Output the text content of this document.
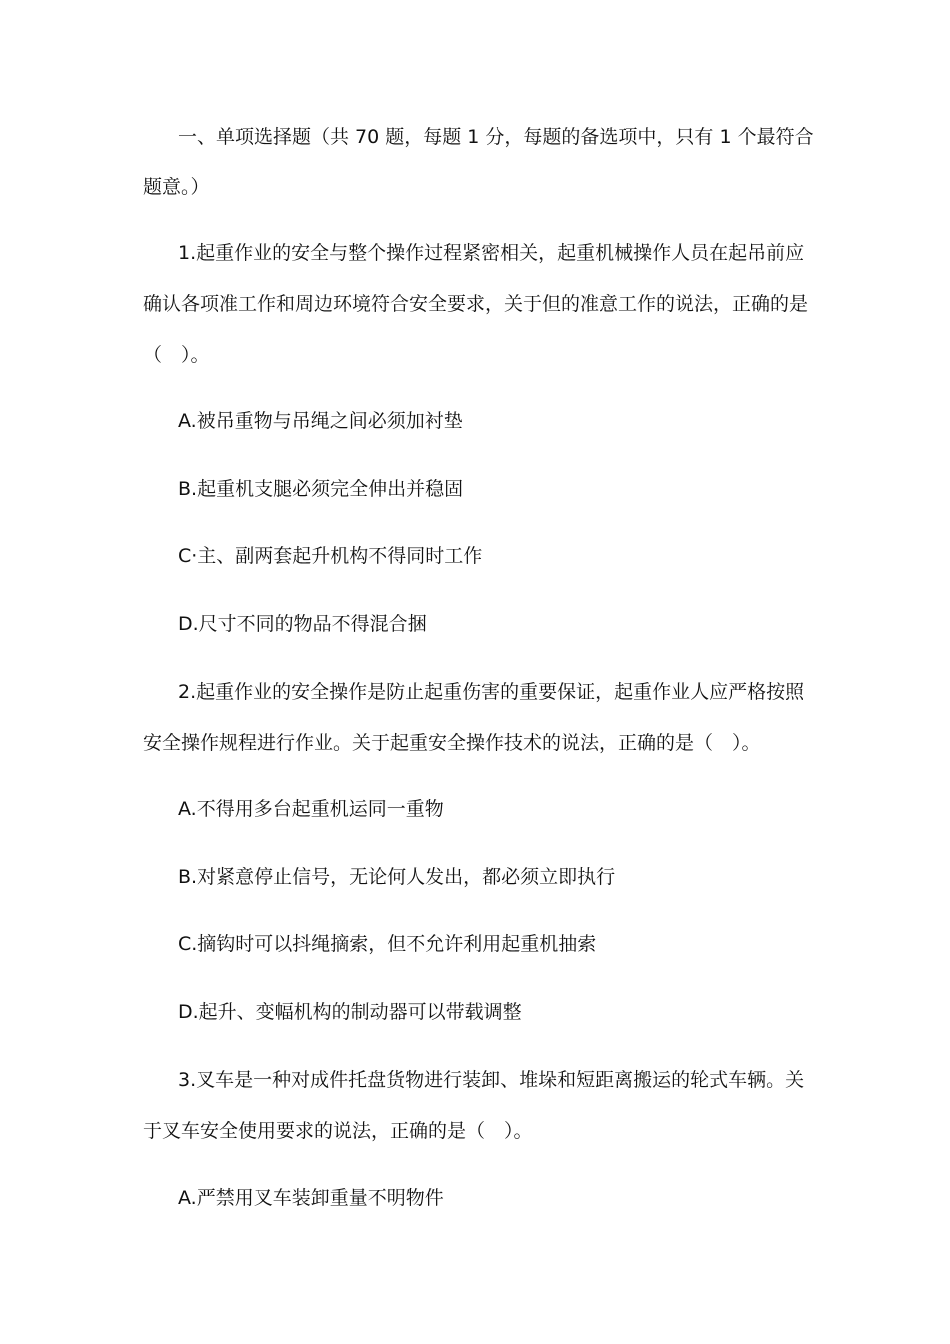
一、单项选择题（共 70 题，每题 1 分，每题的备选项中，只有 1 个最符合
题意。）
1.起重作业的安全与整个操作过程紧密相关，起重机械操作人员在起吊前应
确认各项准工作和周边环境符合安全要求，关于但的准意工作的说法，正确的是
（　）。
A.被吊重物与吊绳之间必须加衬垫
B.起重机支腿必须完全伸出并稳固
C·主、副两套起升机构不得同时工作
D.尺寸不同的物品不得混合捆
2.起重作业的安全操作是防止起重伤害的重要保证，起重作业人应严格按照
安全操作规程进行作业。关于起重安全操作技术的说法，正确的是（　）。
A.不得用多台起重机运同一重物
B.对紧意停止信号，无论何人发出，都必须立即执行
C.摘钩时可以抖绳摘索，但不允许利用起重机抽索
D.起升、变幅机构的制动器可以带载调整
3.叉车是一种对成件托盘货物进行装卸、堆垛和短距离搬运的轮式车辆。关
于叉车安全使用要求的说法，正确的是（　）。
A.严禁用叉车装卸重量不明物件
